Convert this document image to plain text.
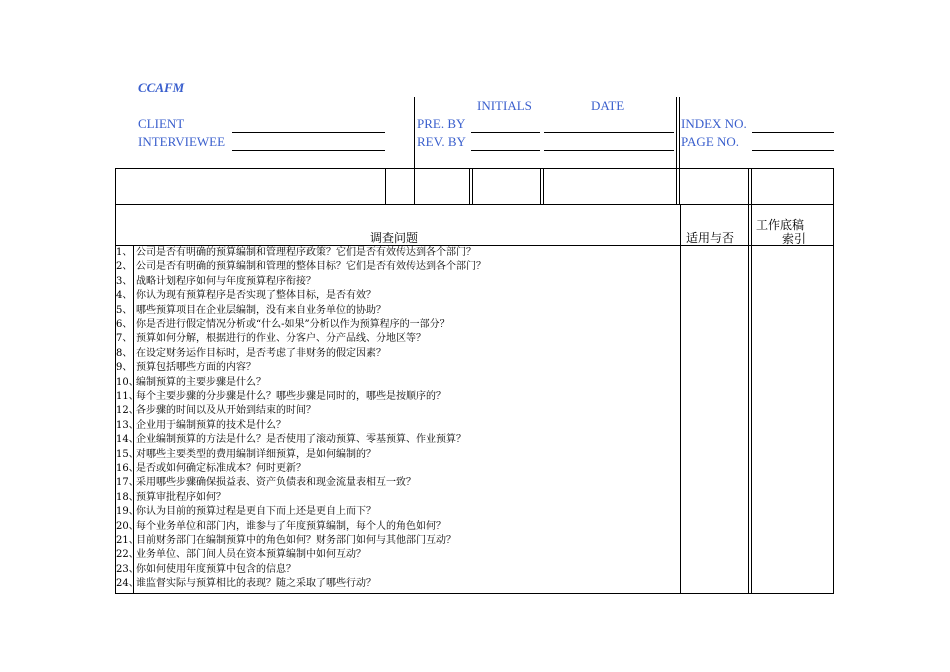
CCAFM
INITIALS	DATE
CLIENT
INTERVIEWEE
PRE. BY
REV. BY
INDEX NO.
PAGE NO.
调查问题	适用与否
工作底稿
索引
1、 公司是否有明确的预算编制和管理程序政策？它们是否有效传达到各个部门？
2、 公司是否有明确的预算编制和管理的整体目标？它们是否有效传达到各个部门？
3、 战略计划程序如何与年度预算程序衔接？
4、 你认为现有预算程序是否实现了整体目标，是否有效？
5、 哪些预算项目在企业层编制，没有来自业务单位的协助？
6、 你是否进行假定情况分析或“什么-如果”分析以作为预算程序的一部分？
7、 预算如何分解，根据进行的作业、分客户、分产品线、分地区等？
8、 在设定财务运作目标时，是否考虑了非财务的假定因素？
9、 预算包括哪些方面的内容？
10、编制预算的主要步骤是什么？
11、每个主要步骤的分步骤是什么？哪些步骤是同时的，哪些是按顺序的？
12、各步骤的时间以及从开始到结束的时间？
13、企业用于编制预算的技术是什么？
14、企业编制预算的方法是什么？是否使用了滚动预算、零基预算、作业预算？
15、对哪些主要类型的费用编制详细预算，是如何编制的？
16、是否或如何确定标准成本？何时更新？
17、采用哪些步骤确保损益表、资产负债表和现金流量表相互一致？
18、预算审批程序如何？
19、你认为目前的预算过程是更自下而上还是更自上而下？
20、每个业务单位和部门内，谁参与了年度预算编制，每个人的角色如何？
21、目前财务部门在编制预算中的角色如何？财务部门如何与其他部门互动？
22、业务单位、部门间人员在资本预算编制中如何互动？
23、你如何使用年度预算中包含的信息？
24、谁监督实际与预算相比的表现？随之采取了哪些行动？
